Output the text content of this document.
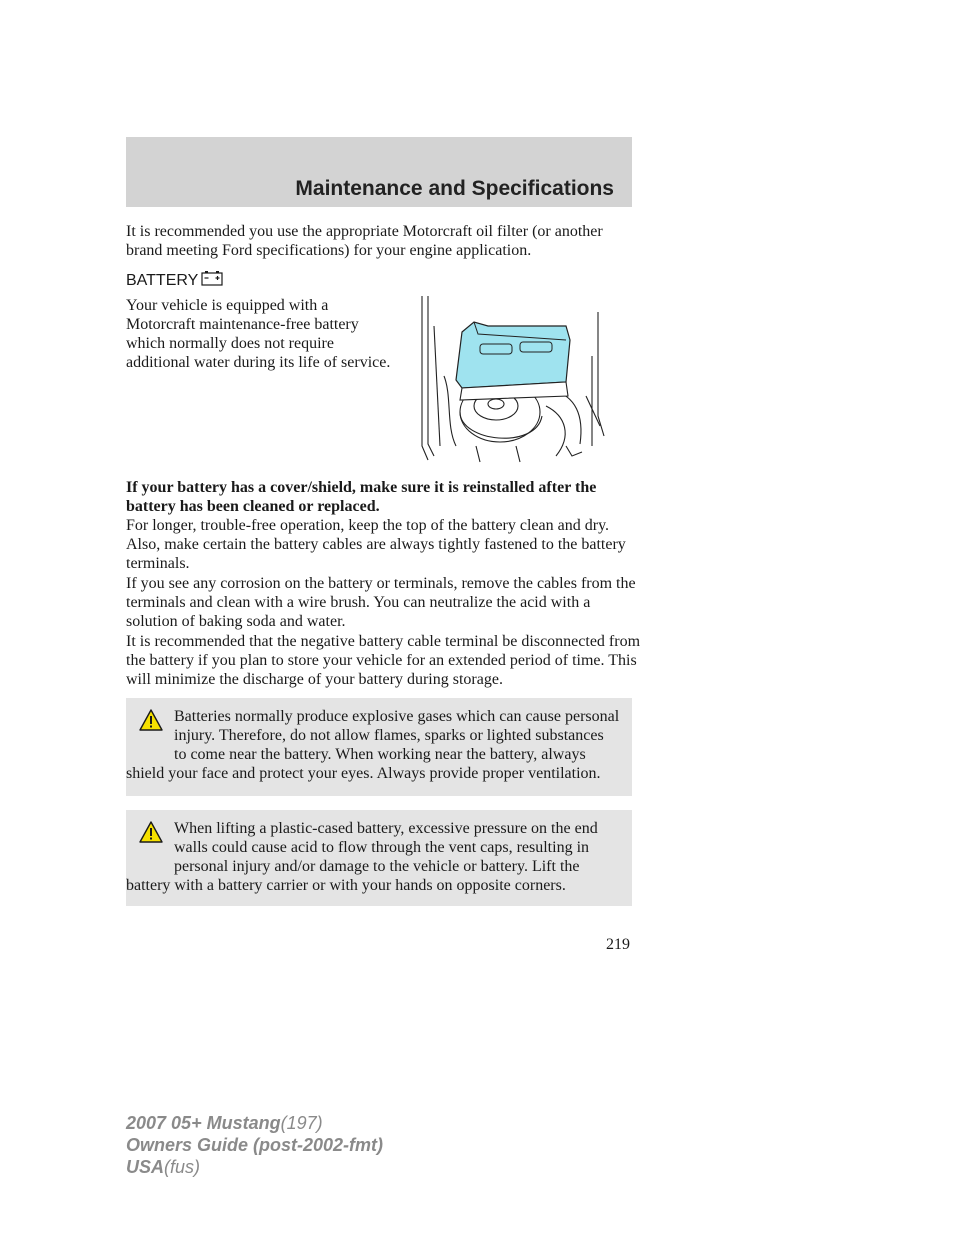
Maintenance and Specifications

It is recommended you use the appropriate Motorcraft oil filter (or another brand meeting Ford specifications) for your engine application.

BATTERY

Your vehicle is equipped with a Motorcraft maintenance-free battery which normally does not require additional water during its life of service.

If your battery has a cover/shield, make sure it is reinstalled after the battery has been cleaned or replaced.

For longer, trouble-free operation, keep the top of the battery clean and dry. Also, make certain the battery cables are always tightly fastened to the battery terminals.

If you see any corrosion on the battery or terminals, remove the cables from the terminals and clean with a wire brush. You can neutralize the acid with a solution of baking soda and water.

It is recommended that the negative battery cable terminal be disconnected from the battery if you plan to store your vehicle for an extended period of time. This will minimize the discharge of your battery during storage.

Batteries normally produce explosive gases which can cause personal injury. Therefore, do not allow flames, sparks or lighted substances to come near the battery. When working near the battery, always shield your face and protect your eyes. Always provide proper ventilation.

When lifting a plastic-cased battery, excessive pressure on the end walls could cause acid to flow through the vent caps, resulting in personal injury and/or damage to the vehicle or battery. Lift the battery with a battery carrier or with your hands on opposite corners.

219
2007 05+ Mustang(197)
Owners Guide (post-2002-fmt)
USA(fus)
